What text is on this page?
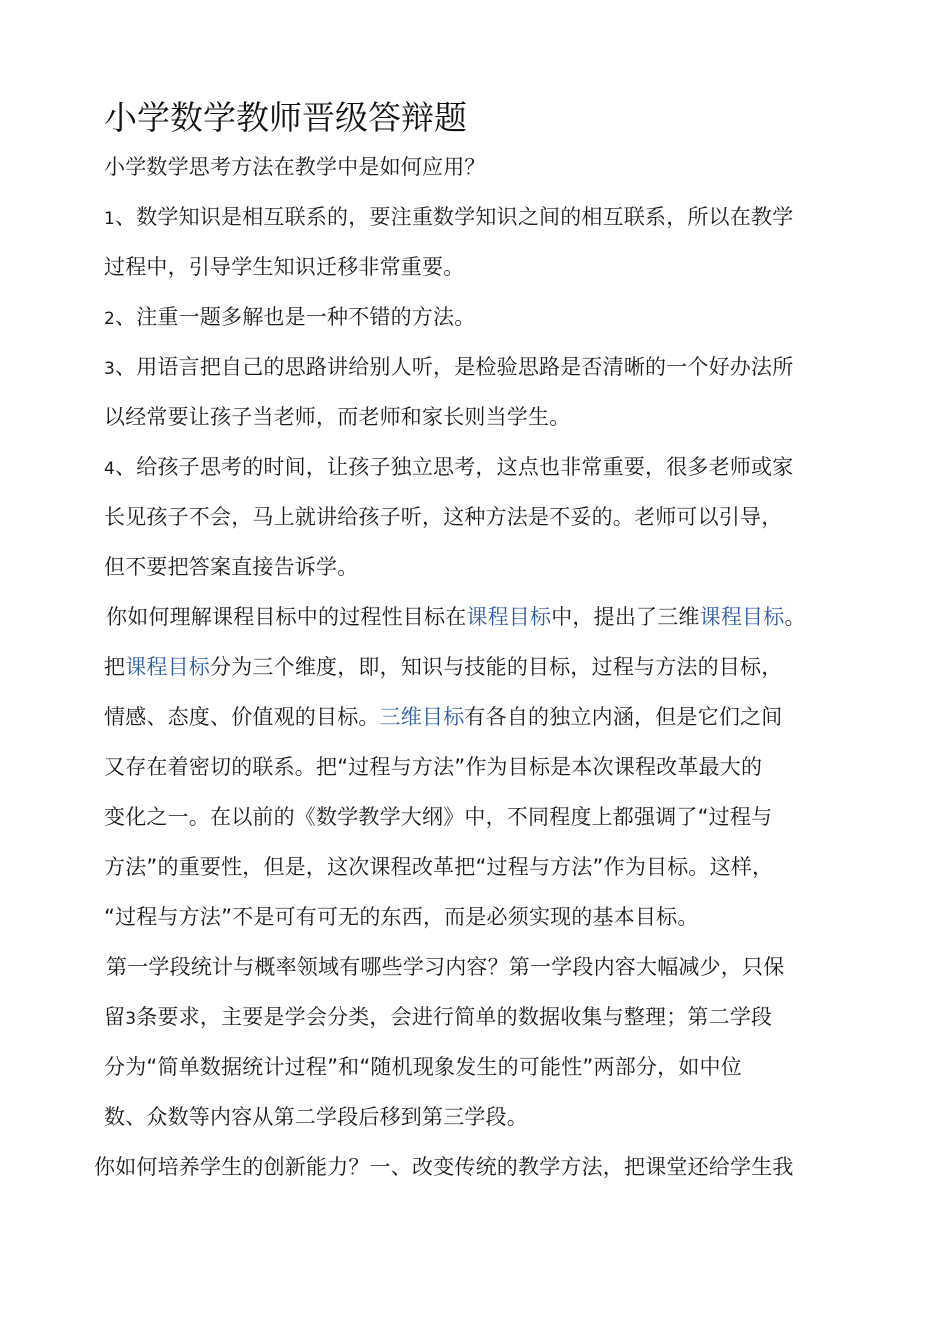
小学数学教师晋级答辩题
小学数学思考方法在教学中是如何应用？
1、数学知识是相互联系的，要注重数学知识之间的相互联系，所以在教学
过程中，引导学生知识迁移非常重要。
2、注重一题多解也是一种不错的方法。
3、用语言把自己的思路讲给别人听，是检验思路是否清晰的一个好办法所
以经常要让孩子当老师，而老师和家长则当学生。
4、给孩子思考的时间，让孩子独立思考，这点也非常重要，很多老师或家
长见孩子不会，马上就讲给孩子听，这种方法是不妥的。老师可以引导，
但不要把答案直接告诉学。
你如何理解课程目标中的过程性目标在课程目标中，提出了三维课程目标。
把课程目标分为三个维度，即，知识与技能的目标，过程与方法的目标，
情感、态度、价值观的目标。三维目标有各自的独立内涵，但是它们之间
又存在着密切的联系。把“过程与方法”作为目标是本次课程改革最大的
变化之一。在以前的《数学教学大纲》中，不同程度上都强调了“过程与
方法”的重要性，但是，这次课程改革把“过程与方法”作为目标。这样，
“过程与方法”不是可有可无的东西，而是必须实现的基本目标。
第一学段统计与概率领域有哪些学习内容？第一学段内容大幅减少，只保
留3条要求，主要是学会分类，会进行简单的数据收集与整理；第二学段
分为“简单数据统计过程”和“随机现象发生的可能性”两部分，如中位
数、众数等内容从第二学段后移到第三学段。
你如何培养学生的创新能力？一、改变传统的教学方法，把课堂还给学生我
